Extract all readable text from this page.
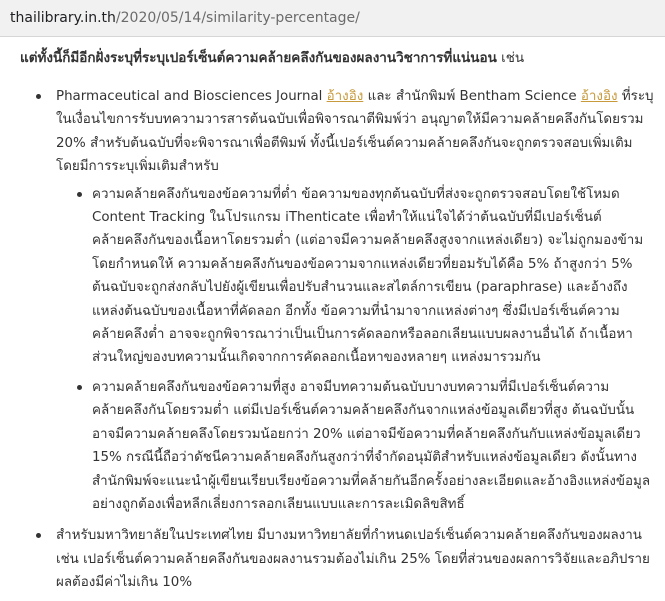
thailibrary.in.th /2020/05/14/similarity-percentage/

แต่ทั้งนี้ก็มีอีกฝั่งระบุที่ระบุเปอร์เซ็นต์ความคล้ายคลึงกันของผลงานวิชาการที่แน่นอน เช่น

Pharmaceutical and Biosciences Journal อ้างอิง และ สำนักพิมพ์ Bentham Science อ้างอิง ที่ระบุ
ในเงื่อนไขการรับบทความวารสารต้นฉบับเพื่อพิจารณาตีพิมพ์ว่า อนุญาตให้มีความคล้ายคลึงกันโดยรวม
20% สำหรับต้นฉบับที่จะพิจารณาเพื่อตีพิมพ์ ทั้งนี้เปอร์เซ็นต์ความคล้ายคลึงกันจะถูกตรวจสอบเพิ่มเติม
โดยมีการระบุเพิ่มเติมสำหรับ
ความคล้ายคลึงกันของข้อความที่ต่ำ ข้อความของทุกต้นฉบับที่ส่งจะถูกตรวจสอบโดยใช้โหมด
Content Tracking ในโปรแกรม iThenticate เพื่อทำให้แน่ใจได้ว่าต้นฉบับที่มีเปอร์เซ็นต์
คล้ายคลึงกันของเนื้อหาโดยรวมต่ำ (แต่อาจมีความคล้ายคลึงสูงจากแหล่งเดียว) จะไม่ถูกมองข้าม
โดยกำหนดให้ ความคล้ายคลึงกันของข้อความจากแหล่งเดียวที่ยอมรับได้คือ 5% ถ้าสูงกว่า 5%
ต้นฉบับจะถูกส่งกลับไปยังผู้เขียนเพื่อปรับสำนวนและสไตล์การเขียน (paraphrase) และอ้างถึง
แหล่งต้นฉบับของเนื้อหาที่คัดลอก อีกทั้ง ข้อความที่นำมาจากแหล่งต่างๆ ซึ่งมีเปอร์เซ็นต์ความ
คล้ายคลึงต่ำ อาจจะถูกพิจารณาว่าเป็นเป็นการคัดลอกหรือลอกเลียนแบบผลงานอื่นได้ ถ้าเนื้อหา
ส่วนใหญ่ของบทความนั้นเกิดจากการคัดลอกเนื้อหาของหลายๆ แหล่งมารวมกัน
ความคล้ายคลึงกันของข้อความที่สูง อาจมีบทความต้นฉบับบางบทความที่มีเปอร์เซ็นต์ความ
คล้ายคลึงกันโดยรวมต่ำ แต่มีเปอร์เซ็นต์ความคล้ายคลึงกันจากแหล่งข้อมูลเดียวที่สูง ต้นฉบับนั้น
อาจมีความคล้ายคลึงโดยรวมน้อยกว่า 20% แต่อาจมีข้อความที่คล้ายคลึงกันกับแหล่งข้อมูลเดียว
15% กรณีนี้ถือว่าดัชนีความคล้ายคลึงกันสูงกว่าที่จำกัดอนุมัติสำหรับแหล่งข้อมูลเดียว ดังนั้นทาง
สำนักพิมพ์จะแนะนำผู้เขียนเรียบเรียงข้อความที่คล้ายกันอีกครั้งอย่างละเอียดและอ้างอิงแหล่งข้อมูล
อย่างถูกต้องเพื่อหลีกเลี่ยงการลอกเลียนแบบและการละเมิดลิขสิทธิ์
สำหรับมหาวิทยาลัยในประเทศไทย มีบางมหาวิทยาลัยที่กำหนดเปอร์เซ็นต์ความคล้ายคลึงกันของผลงาน
เช่น เปอร์เซ็นต์ความคล้ายคลึงกันของผลงานรวมต้องไม่เกิน 25% โดยที่ส่วนของผลการวิจัยและอภิปราย
ผลต้องมีค่าไม่เกิน 10%
